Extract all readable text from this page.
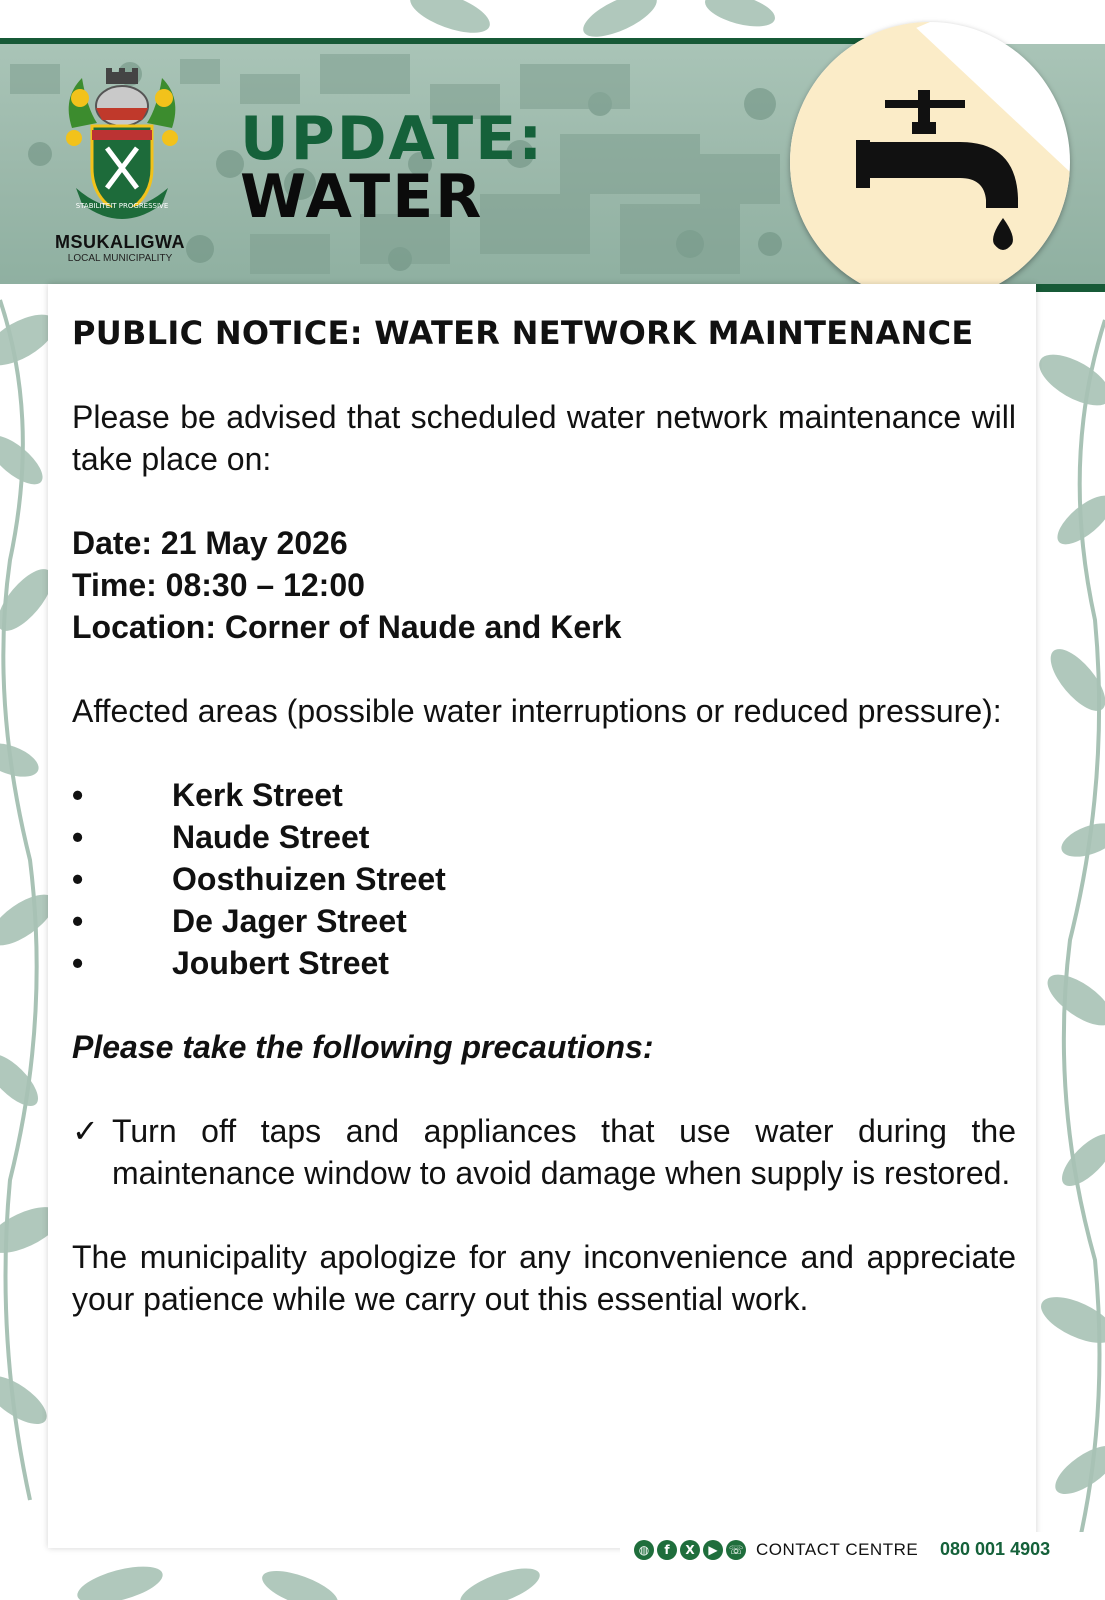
STABILITEIT PROGRESSIVE
MSUKALIGWA
LOCAL MUNICIPALITY
UPDATE:
WATER
PUBLIC NOTICE: WATER NETWORK MAINTENANCE

Please be advised that scheduled water network maintenance will take place on:

Date: 21 May 2026

Time: 08:30 – 12:00

Location: Corner of Naude and Kerk

Affected areas (possible water interruptions or reduced pressure):

•	Kerk Street
•	Naude Street
•	Oosthuizen Street
•	De Jager Street
•	Joubert Street

Please take the following precautions:

✓ Turn off taps and appliances that use water during the maintenance window to avoid damage when supply is restored.

The municipality apologize for any inconvenience and appreciate your patience while we carry out this essential work.

◍	f	X	▶ ☏ CONTACT CENTRE 080 001 4903
